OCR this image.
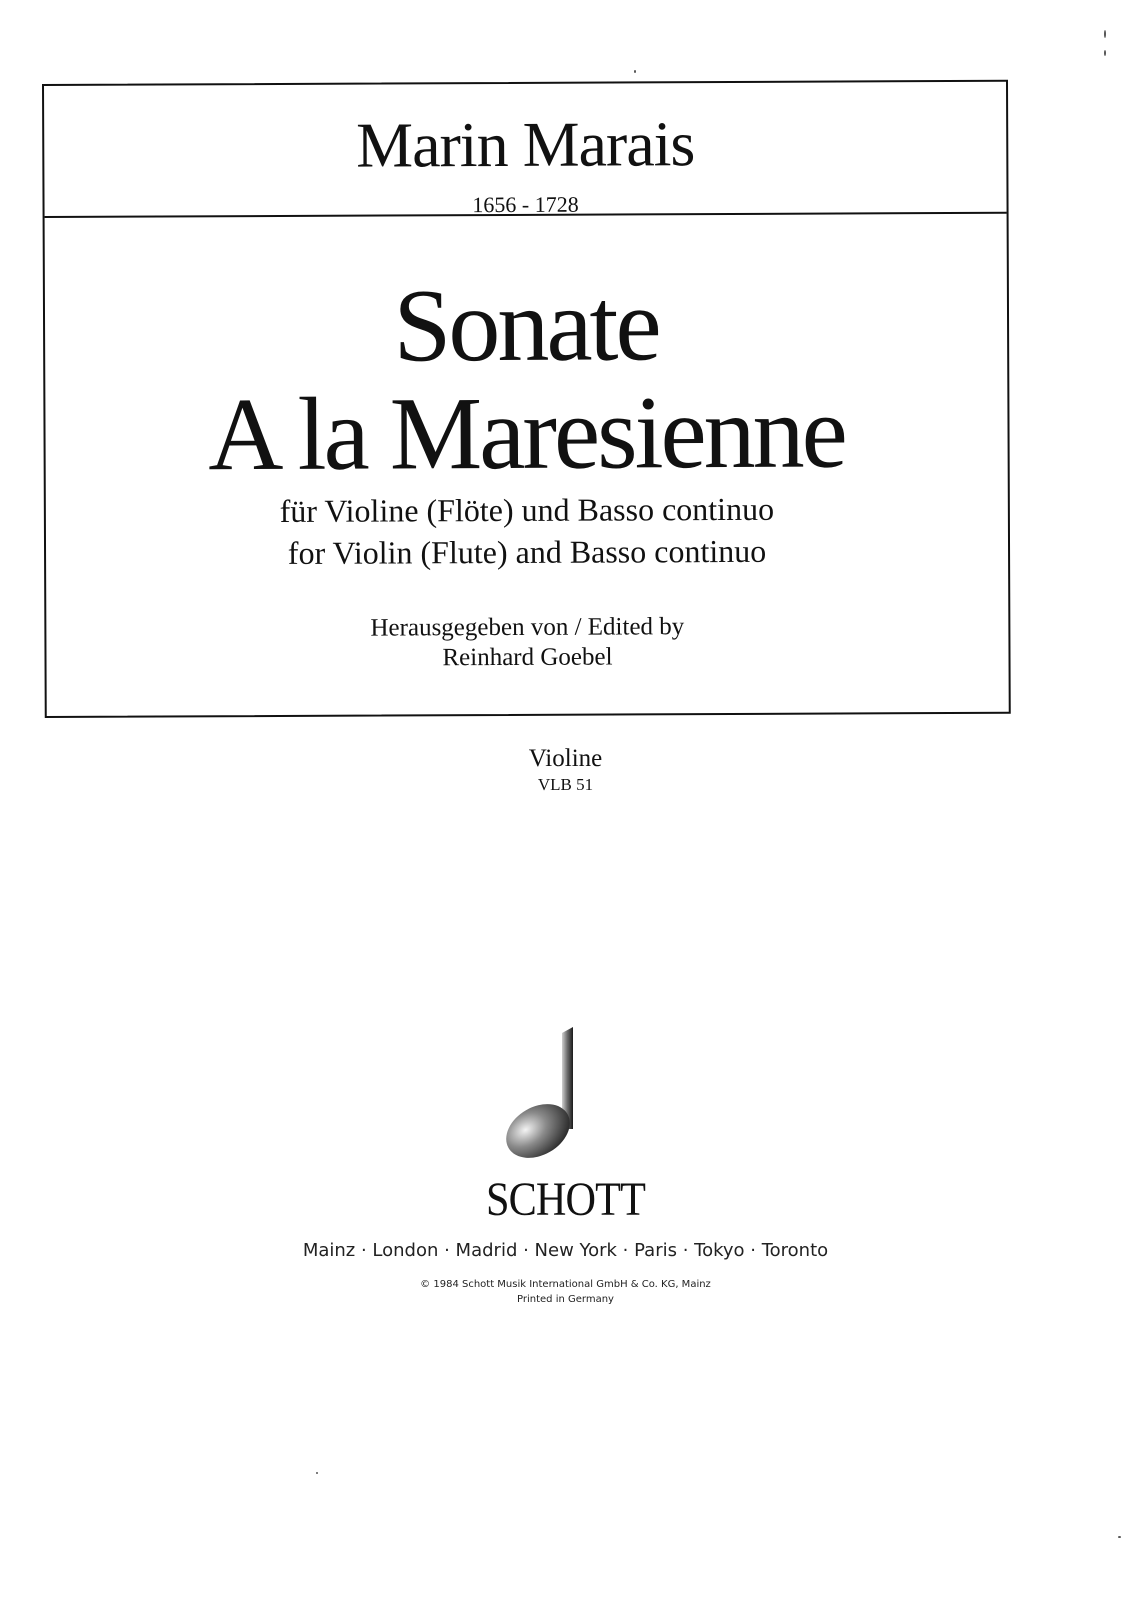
Marin Marais
1656 - 1728
Sonate
A la Maresienne
für Violine (Flöte) und Basso continuo
for Violin (Flute) and Basso continuo
Herausgegeben von / Edited by
Reinhard Goebel
Violine
VLB 51
SCHOTT
Mainz · London · Madrid · New York · Paris · Tokyo · Toronto
© 1984 Schott Musik International GmbH & Co. KG, Mainz
Printed in Germany
